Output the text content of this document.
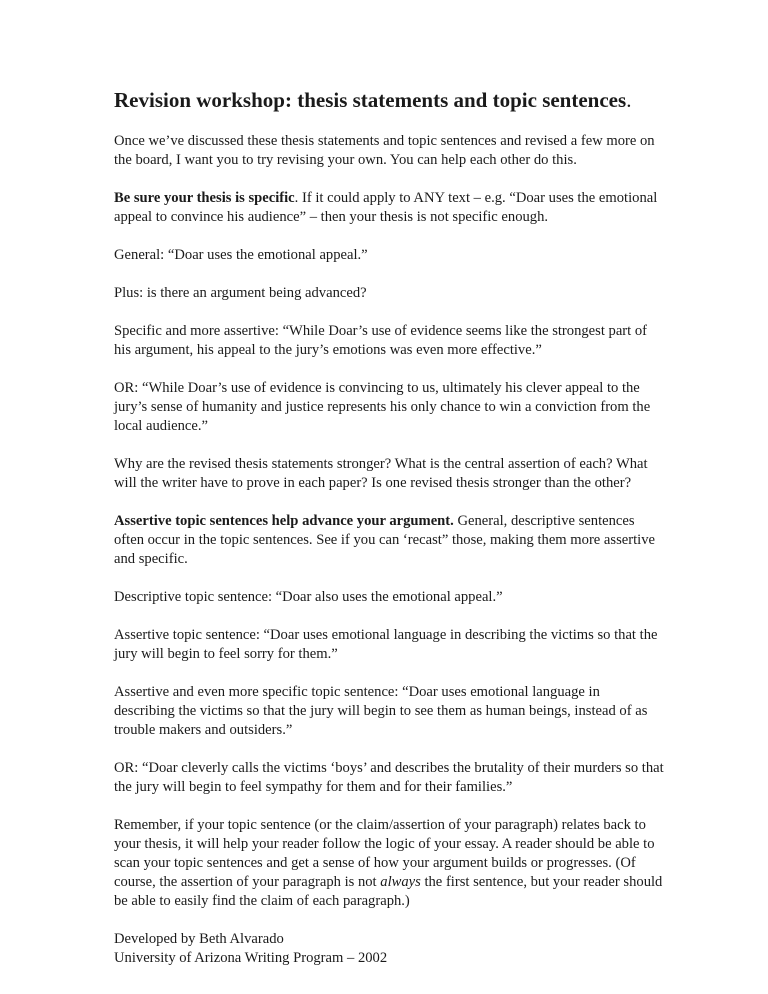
Revision workshop: thesis statements and topic sentences.

Once we’ve discussed these thesis statements and topic sentences and revised a few more on the board, I want you to try revising your own. You can help each other do this.

Be sure your thesis is specific. If it could apply to ANY text – e.g. “Doar uses the emotional appeal to convince his audience” – then your thesis is not specific enough.

General: “Doar uses the emotional appeal.”

Plus: is there an argument being advanced?

Specific and more assertive: “While Doar’s use of evidence seems like the strongest part of his argument, his appeal to the jury’s emotions was even more effective.”

OR: “While Doar’s use of evidence is convincing to us, ultimately his clever appeal to the jury’s sense of humanity and justice represents his only chance to win a conviction from the local audience.”

Why are the revised thesis statements stronger? What is the central assertion of each? What will the writer have to prove in each paper? Is one revised thesis stronger than the other?

Assertive topic sentences help advance your argument. General, descriptive sentences often occur in the topic sentences. See if you can ‘recast” those, making them more assertive and specific.

Descriptive topic sentence: “Doar also uses the emotional appeal.”

Assertive topic sentence: “Doar uses emotional language in describing the victims so that the jury will begin to feel sorry for them.”

Assertive and even more specific topic sentence: “Doar uses emotional language in describing the victims so that the jury will begin to see them as human beings, instead of as trouble makers and outsiders.”

OR: “Doar cleverly calls the victims ‘boys’ and describes the brutality of their murders so that the jury will begin to feel sympathy for them and for their families.”

Remember, if your topic sentence (or the claim/assertion of your paragraph) relates back to your thesis, it will help your reader follow the logic of your essay. A reader should be able to scan your topic sentences and get a sense of how your argument builds or progresses. (Of course, the assertion of your paragraph is not always the first sentence, but your reader should be able to easily find the claim of each paragraph.)

Developed by Beth Alvarado

University of Arizona Writing Program – 2002
